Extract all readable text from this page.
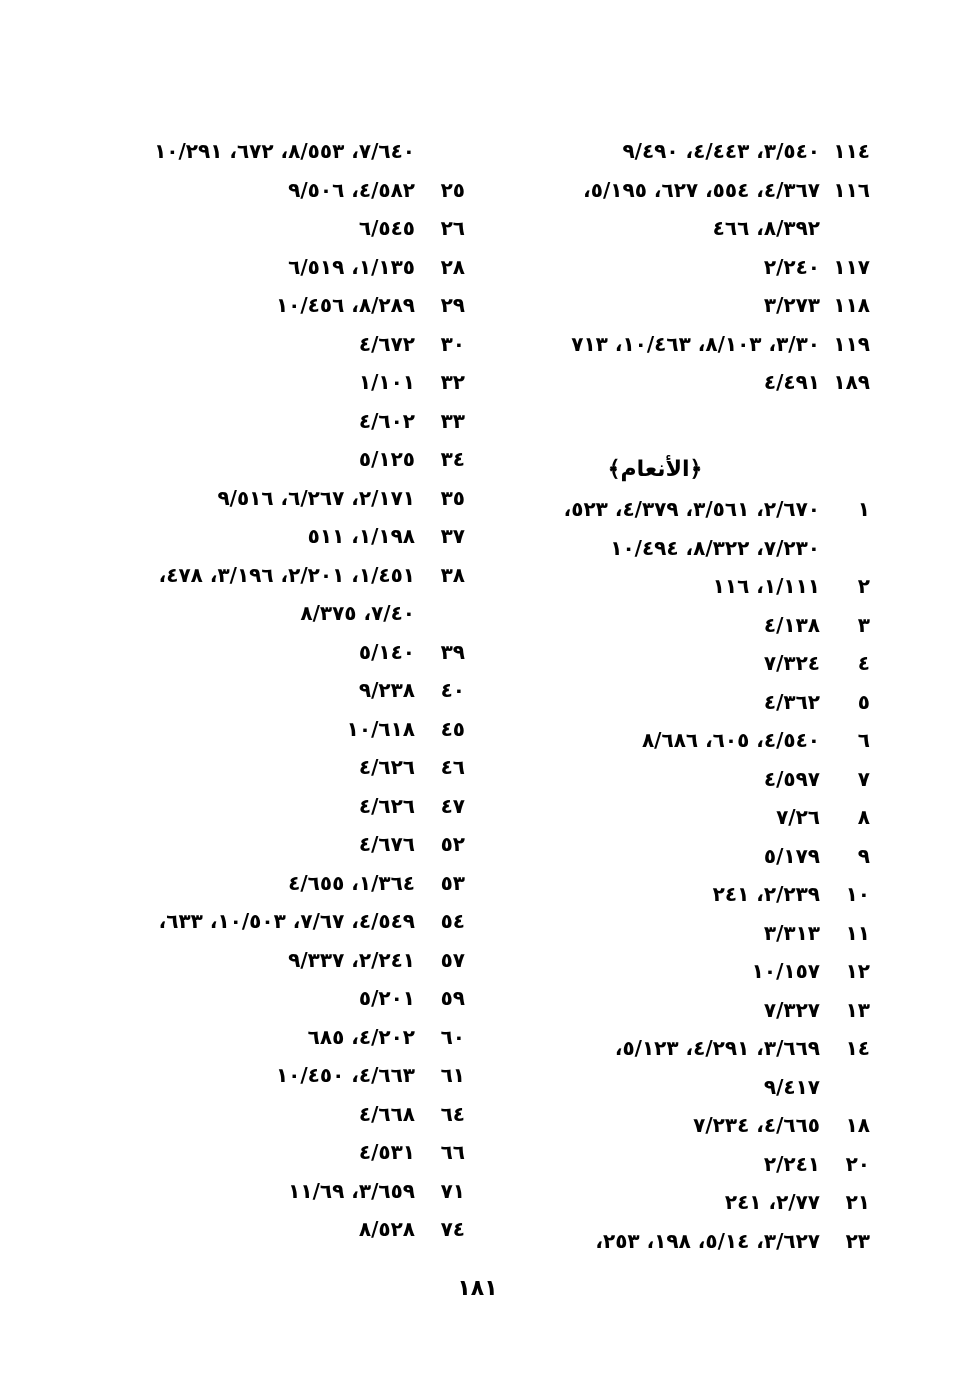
١١٤
٣/٥٤٠، ٤/٤٤٣، ٩/٤٩٠
١١٦
٤/٣٦٧، ٥٥٤، ٦٢٧، ٥/١٩٥،
٨/٣٩٢، ٤٦٦
١١٧
٢/٢٤٠
١١٨
٣/٢٧٣
١١٩
٣/٣٠، ٨/١٠٣، ١٠/٤٦٣، ٧١٣
١٨٩
٤/٤٩١
﴿الأنعام﴾
١
٢/٦٧٠، ٣/٥٦١، ٤/٣٧٩، ٥٢٣،
٧/٢٣٠، ٨/٣٢٢، ١٠/٤٩٤
٢
١/١١١، ١١٦
٣
٤/١٣٨
٤
٧/٣٢٤
٥
٤/٣٦٢
٦
٤/٥٤٠، ٦٠٥، ٨/٦٨٦
٧
٤/٥٩٧
٨
٧/٢٦
٩
٥/١٧٩
١٠
٢/٢٣٩، ٢٤١
١١
٣/٣١٣
١٢
١٠/١٥٧
١٣
٧/٣٢٧
١٤
٣/٦٦٩، ٤/٢٩١، ٥/١٢٣،
٩/٤١٧
١٨
٤/٦٦٥، ٧/٢٣٤
٢٠
٢/٢٤١
٢١
٢/٧٧، ٢٤١
٢٣
٣/٦٢٧، ٥/١٤، ١٩٨، ٢٥٣،
٧/٦٤٠، ٨/٥٥٣، ٦٧٢، ١٠/٢٩١
٢٥
٤/٥٨٢، ٩/٥٠٦
٢٦
٦/٥٤٥
٢٨
١/١٣٥، ٦/٥١٩
٢٩
٨/٢٨٩، ١٠/٤٥٦
٣٠
٤/٦٧٢
٣٢
١/١٠١
٣٣
٤/٦٠٢
٣٤
٥/١٢٥
٣٥
٢/١٧١، ٦/٢٦٧، ٩/٥١٦
٣٧
١/١٩٨، ٥١١
٣٨
١/٤٥١، ٢/٢٠١، ٣/١٩٦، ٤٧٨،
٧/٤٠، ٨/٣٧٥
٣٩
٥/١٤٠
٤٠
٩/٢٣٨
٤٥
١٠/٦١٨
٤٦
٤/٦٢٦
٤٧
٤/٦٢٦
٥٢
٤/٦٧٦
٥٣
١/٣٦٤، ٤/٦٥٥
٥٤
٤/٥٤٩، ٧/٦٧، ١٠/٥٠٣، ٦٣٣،
٥٧
٢/٢٤١، ٩/٣٣٧
٥٩
٥/٢٠١
٦٠
٤/٢٠٢، ٦٨٥
٦١
٤/٦٦٣، ١٠/٤٥٠
٦٤
٤/٦٦٨
٦٦
٤/٥٣١
٧١
٣/٦٥٩، ١١/٦٩
٧٤
٨/٥٢٨
١٨١
